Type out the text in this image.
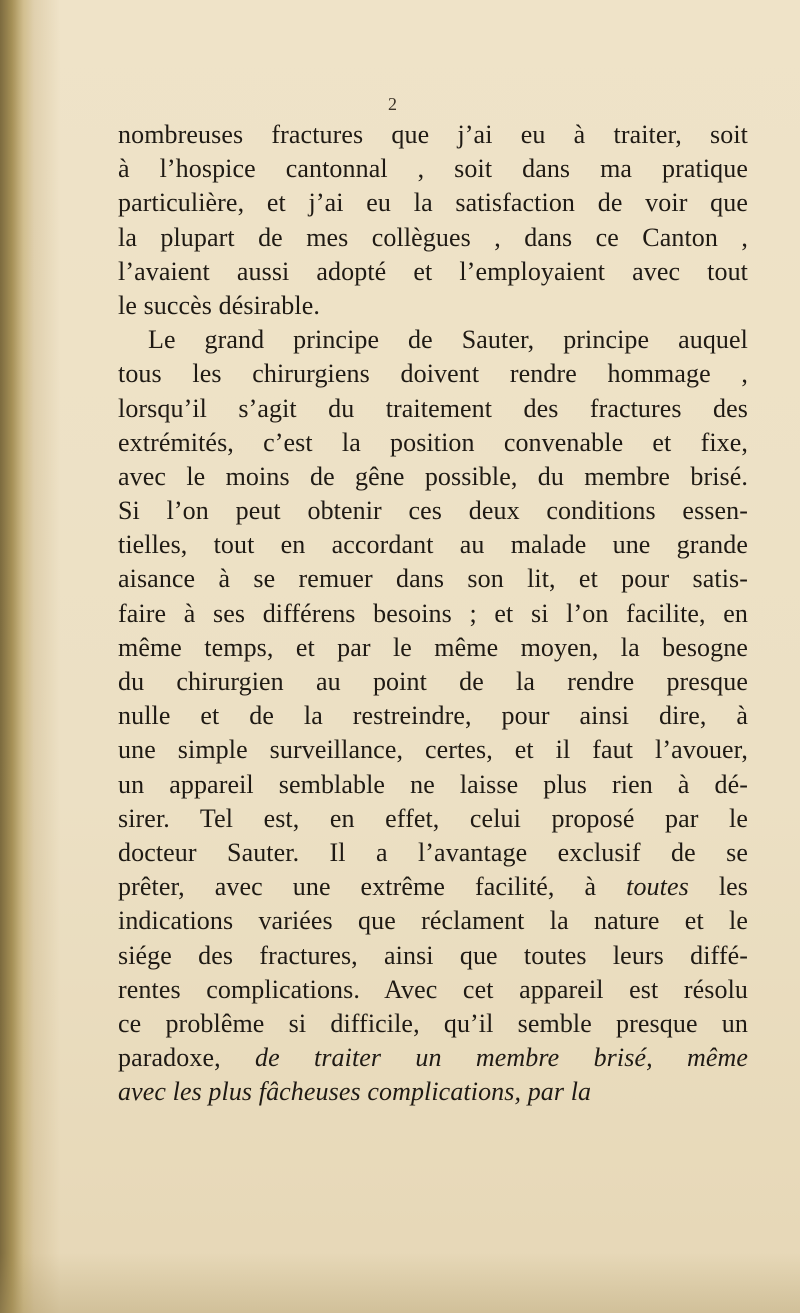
2
nombreuses fractures que j’ai eu à traiter, soit
à l’hospice cantonnal , soit dans ma pratique
particulière, et j’ai eu la satisfaction de voir que
la plupart de mes collègues , dans ce Canton ,
l’avaient aussi adopté et l’employaient avec tout
le succès désirable.
Le grand principe de Sauter, principe auquel
tous les chirurgiens doivent rendre hommage ,
lorsqu’il s’agit du traitement des fractures des
extrémités, c’est la position convenable et fixe,
avec le moins de gêne possible, du membre brisé.
Si l’on peut obtenir ces deux conditions essen-
tielles, tout en accordant au malade une grande
aisance à se remuer dans son lit, et pour satis-
faire à ses différens besoins ; et si l’on facilite, en
même temps, et par le même moyen, la besogne
du chirurgien au point de la rendre presque
nulle et de la restreindre, pour ainsi dire, à
une simple surveillance, certes, et il faut l’avouer,
un appareil semblable ne laisse plus rien à dé-
sirer. Tel est, en effet, celui proposé par le
docteur Sauter. Il a l’avantage exclusif de se
prêter, avec une extrême facilité, à toutes les
indications variées que réclament la nature et le
siége des fractures, ainsi que toutes leurs diffé-
rentes complications. Avec cet appareil est résolu
ce problême si difficile, qu’il semble presque un
paradoxe, de traiter un membre brisé, même
avec les plus fâcheuses complications, par la
